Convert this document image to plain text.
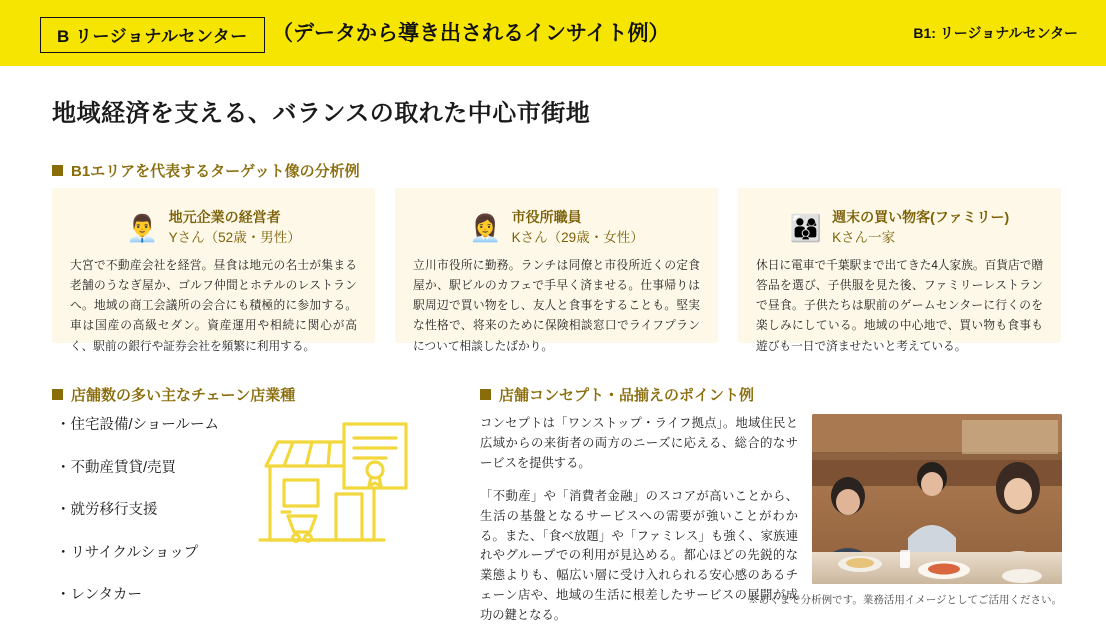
B リージョナルセンター	（データから導き出されるインサイト例）	B1: リージョナルセンター
地域経済を支える、バランスの取れた中心市街地
B1エリアを代表するターゲット像の分析例
👨‍💼 地元企業の経営者
Yさん（52歳・男性）
大宮で不動産会社を経営。昼食は地元の名士が集まる老舗のうなぎ屋か、ゴルフ仲間とホテルのレストランへ。地域の商工会議所の会合にも積極的に参加する。車は国産の高級セダン。資産運用や相続に関心が高く、駅前の銀行や証券会社を頻繁に利用する。
👩‍💼 市役所職員
Kさん（29歳・女性）
立川市役所に勤務。ランチは同僚と市役所近くの定食屋か、駅ビルのカフェで手早く済ませる。仕事帰りは駅周辺で買い物をし、友人と食事をすることも。堅実な性格で、将来のために保険相談窓口でライフプランについて相談したばかり。
👨‍👩‍👦 週末の買い物客(ファミリー)
Kさん一家
休日に電車で千葉駅まで出てきた4人家族。百貨店で贈答品を選び、子供服を見た後、ファミリーレストランで昼食。子供たちは駅前のゲームセンターに行くのを楽しみにしている。地域の中心地で、買い物も食事も遊びも一日で済ませたいと考えている。
店舗数の多い主なチェーン店業種
・住宅設備/ショールーム
・不動産賃貸/売買
・就労移行支援
・リサイクルショップ
・レンタカー
店舗コンセプト・品揃えのポイント例

コンセプトは「ワンストップ・ライフ拠点」。地域住民と広域からの来街者の両方のニーズに応える、総合的なサービスを提供する。

「不動産」や「消費者金融」のスコアが高いことから、生活の基盤となるサービスへの需要が強いことがわかる。また、「食べ放題」や「ファミレス」も強く、家族連れやグループでの利用が見込める。都心ほどの先鋭的な業態よりも、幅広い層に受け入れられる安心感のあるチェーン店や、地域の生活に根差したサービスの展開が成功の鍵となる。

※あくまで分析例です。業務活用イメージとしてご活用ください。
